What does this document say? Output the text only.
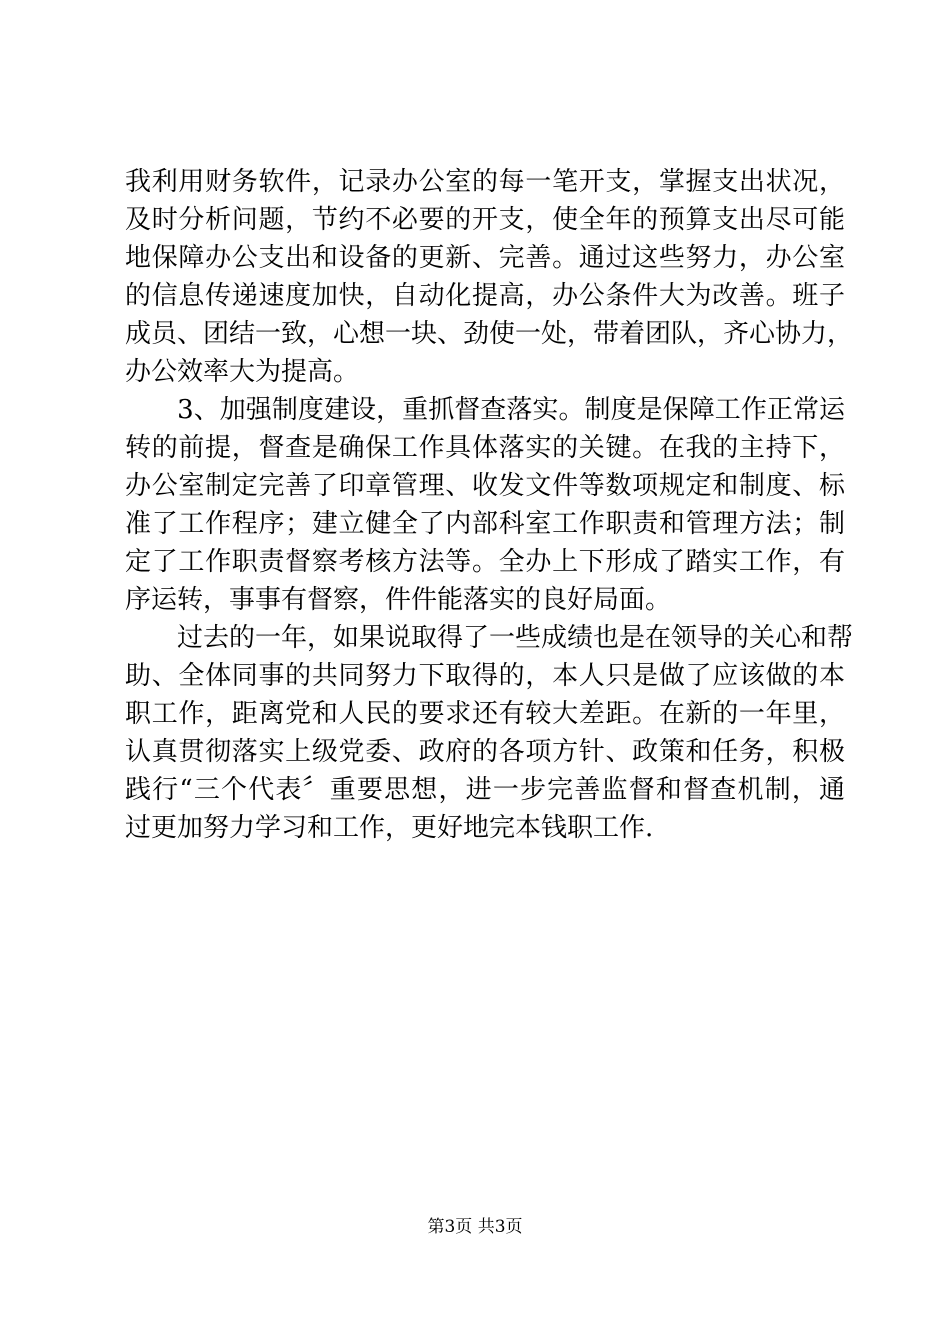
我利用财务软件，记录办公室的每一笔开支，掌握支出状况，
及时分析问题，节约不必要的开支，使全年的预算支出尽可能
地保障办公支出和设备的更新、完善。通过这些努力，办公室
的信息传递速度加快，自动化提高，办公条件大为改善。班子
成员、团结一致，心想一块、劲使一处，带着团队，齐心协力，
办公效率大为提高。
　　3、加强制度建设，重抓督查落实。制度是保障工作正常运
转的前提，督查是确保工作具体落实的关键。在我的主持下，
办公室制定完善了印章管理、收发文件等数项规定和制度、标
准了工作程序；建立健全了内部科室工作职责和管理方法；制
定了工作职责督察考核方法等。全办上下形成了踏实工作，有
序运转，事事有督察，件件能落实的良好局面。
　　过去的一年，如果说取得了一些成绩也是在领导的关心和帮
助、全体同事的共同努力下取得的，本人只是做了应该做的本
职工作，距离党和人民的要求还有较大差距。在新的一年里，
认真贯彻落实上级党委、政府的各项方针、政策和任务，积极
践行“三个代表〞重要思想，进一步完善监督和督查机制，通
过更加努力学习和工作，更好地完本钱职工作.
第3页 共3页
